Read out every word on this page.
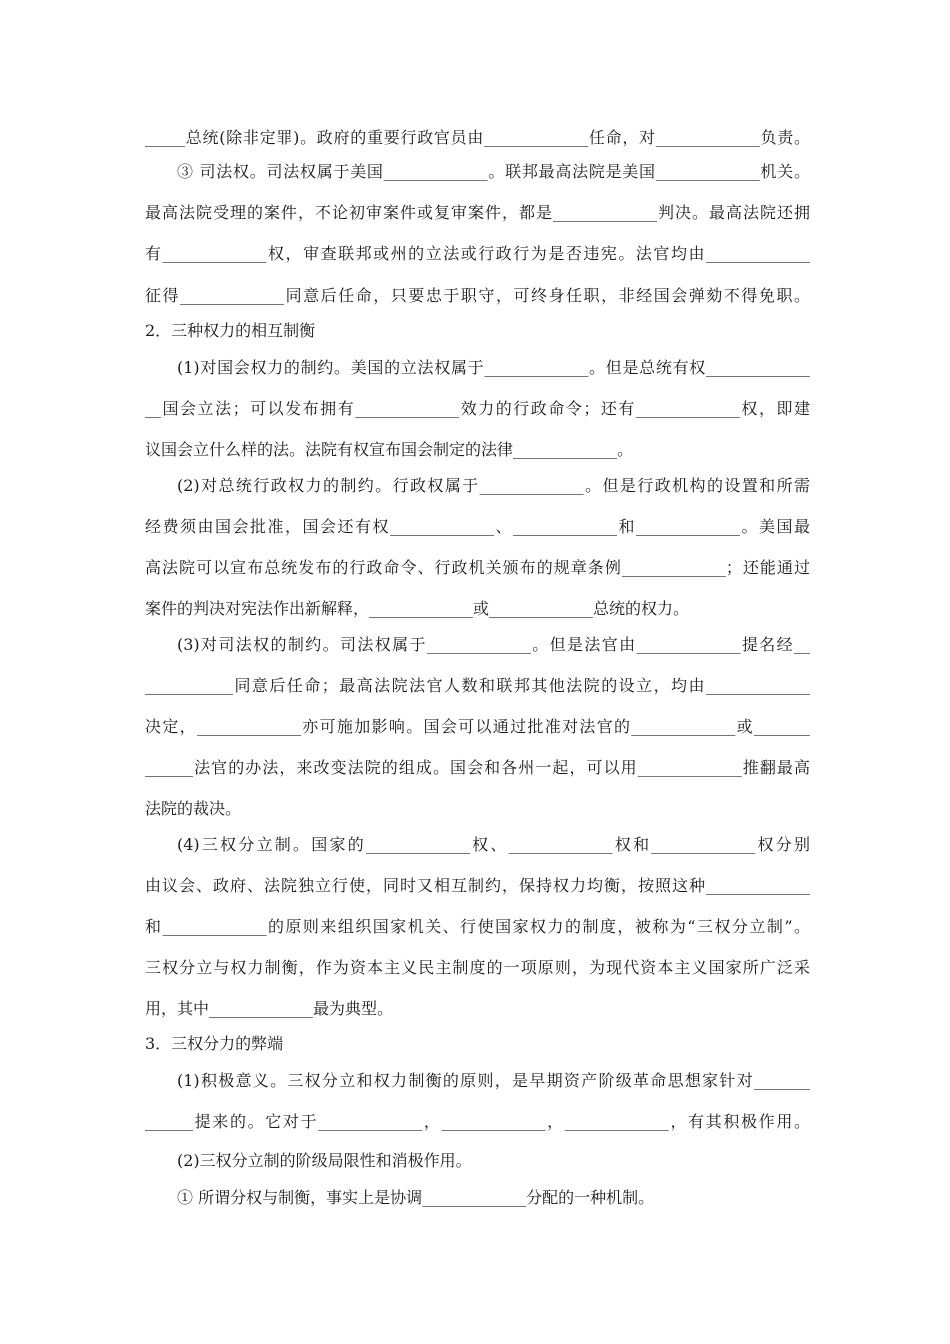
_____总统(除非定罪)。政府的重要行政官员由_____________任命，对_____________负责。
③ 司法权。司法权属于美国_____________。联邦最高法院是美国_____________机关。
最高法院受理的案件，不论初审案件或复审案件，都是_____________判决。最高法院还拥
有_____________权，审查联邦或州的立法或行政行为是否违宪。法官均由_____________
征得_____________同意后任命，只要忠于职守，可终身任职，非经国会弹劾不得免职。
2．三种权力的相互制衡
(1)对国会权力的制约。美国的立法权属于_____________。但是总统有权_____________
__国会立法；可以发布拥有_____________效力的行政命令；还有_____________权，即建
议国会立什么样的法。法院有权宣布国会制定的法律_____________。
(2)对总统行政权力的制约。行政权属于_____________。但是行政机构的设置和所需
经费须由国会批准，国会还有权_____________、_____________和_____________。美国最
高法院可以宣布总统发布的行政命令、行政机关颁布的规章条例_____________；还能通过
案件的判决对宪法作出新解释，_____________或_____________总统的权力。
(3)对司法权的制约。司法权属于_____________。但是法官由_____________提名经__
___________同意后任命；最高法院法官人数和联邦其他法院的设立，均由_____________
决定，_____________亦可施加影响。国会可以通过批准对法官的_____________或_______
______法官的办法，来改变法院的组成。国会和各州一起，可以用_____________推翻最高
法院的裁决。
(4)三权分立制。国家的_____________权、_____________权和_____________权分别
由议会、政府、法院独立行使，同时又相互制约，保持权力均衡，按照这种_____________
和_____________的原则来组织国家机关、行使国家权力的制度，被称为“三权分立制”。
三权分立与权力制衡，作为资本主义民主制度的一项原则，为现代资本主义国家所广泛采
用，其中_____________最为典型。
3．三权分力的弊端
(1)积极意义。三权分立和权力制衡的原则，是早期资产阶级革命思想家针对_______
______提来的。它对于_____________，_____________，_____________，有其积极作用。
(2)三权分立制的阶级局限性和消极作用。
① 所谓分权与制衡，事实上是协调_____________分配的一种机制。
